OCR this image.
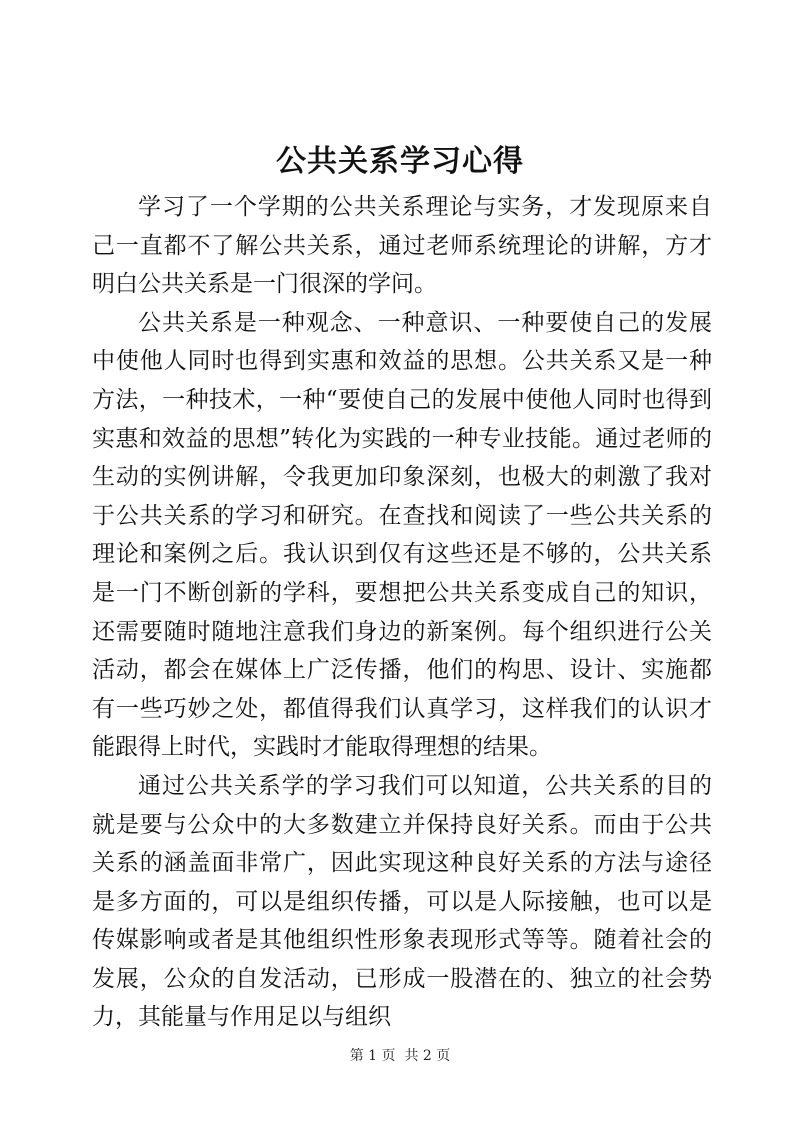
公共关系学习心得

学习了一个学期的公共关系理论与实务，才发现原来自己一直都不了解公共关系，通过老师系统理论的讲解，方才明白公共关系是一门很深的学问。

公共关系是一种观念、一种意识、一种要使自己的发展中使他人同时也得到实惠和效益的思想。公共关系又是一种方法，一种技术，一种“要使自己的发展中使他人同时也得到实惠和效益的思想”转化为实践的一种专业技能。通过老师的生动的实例讲解，令我更加印象深刻，也极大的刺激了我对于公共关系的学习和研究。在查找和阅读了一些公共关系的理论和案例之后。我认识到仅有这些还是不够的，公共关系是一门不断创新的学科，要想把公共关系变成自己的知识，还需要随时随地注意我们身边的新案例。每个组织进行公关活动，都会在媒体上广泛传播，他们的构思、设计、实施都有一些巧妙之处，都值得我们认真学习，这样我们的认识才能跟得上时代，实践时才能取得理想的结果。

通过公共关系学的学习我们可以知道，公共关系的目的就是要与公众中的大多数建立并保持良好关系。而由于公共关系的涵盖面非常广，因此实现这种良好关系的方法与途径是多方面的，可以是组织传播，可以是人际接触，也可以是传媒影响或者是其他组织性形象表现形式等等。随着社会的发展，公众的自发活动，已形成一股潜在的、独立的社会势力，其能量与作用足以与组织

第 1 页  共 2 页
